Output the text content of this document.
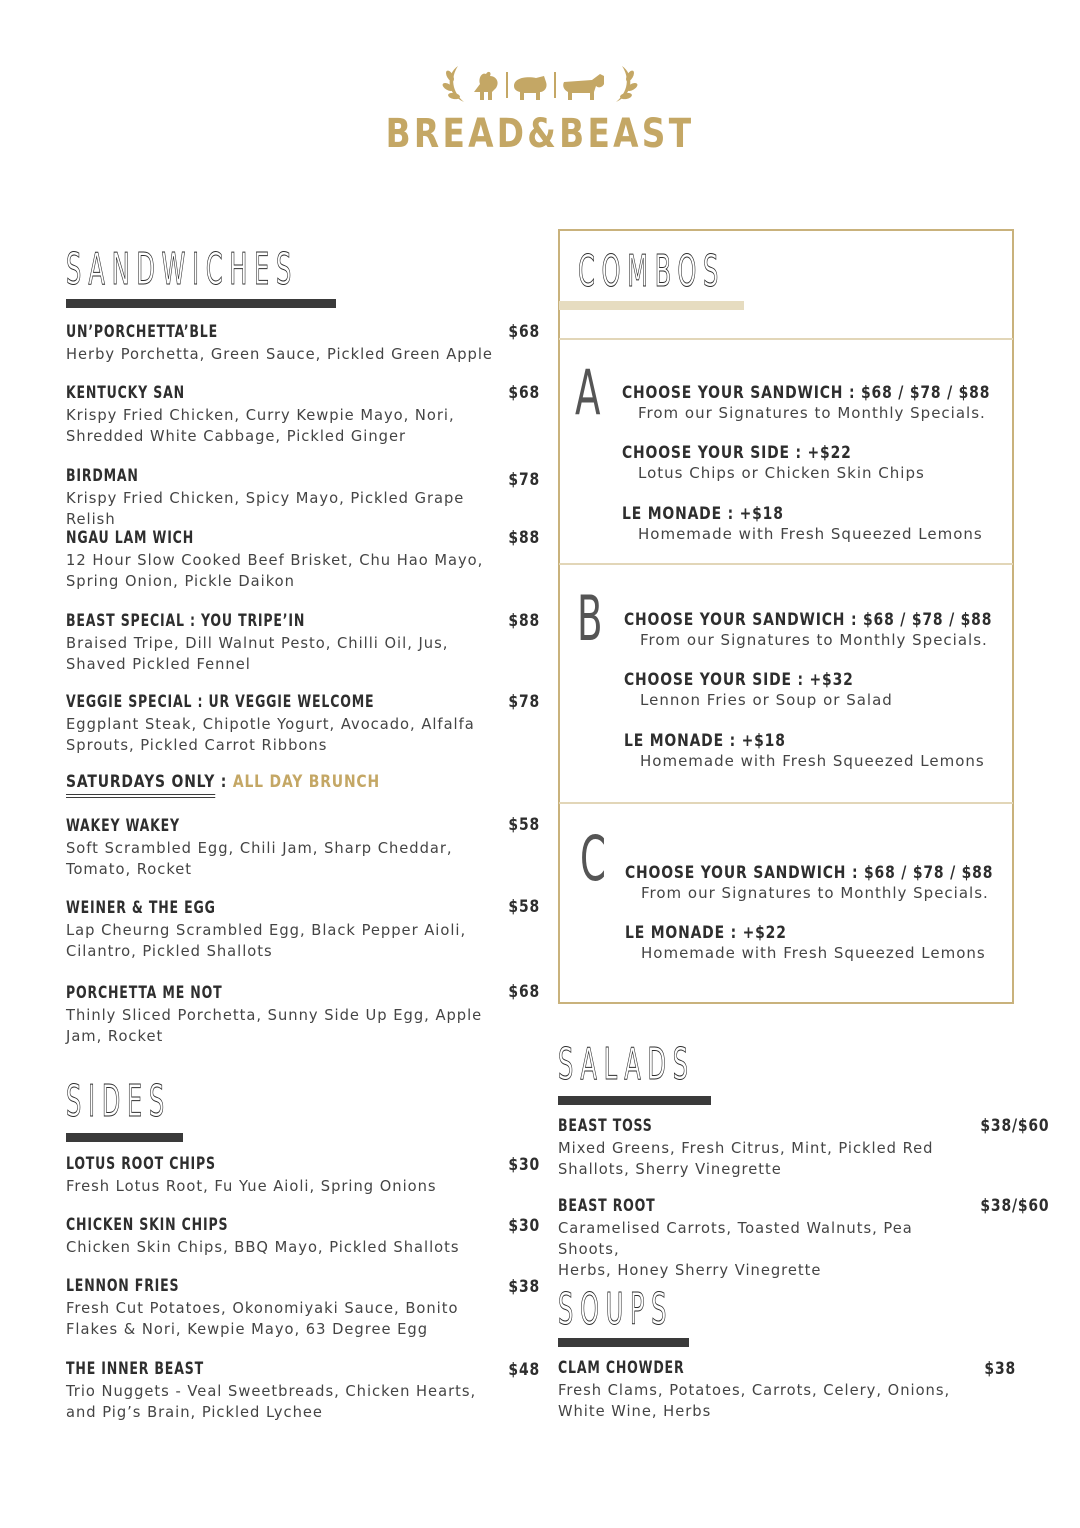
BREAD&BEAST
SANDWICHES
UN’PORCHETTA’BLE
Herby Porchetta, Green Sauce, Pickled Green Apple
$68
KENTUCKY SAN
Krispy Fried Chicken, Curry Kewpie Mayo, Nori,
Shredded White Cabbage, Pickled Ginger
$68
BIRDMAN
Krispy Fried Chicken, Spicy Mayo, Pickled Grape Relish
$78
NGAU LAM WICH
12 Hour Slow Cooked Beef Brisket, Chu Hao Mayo,
Spring Onion, Pickle Daikon
$88
BEAST SPECIAL : YOU TRIPE’IN
Braised Tripe, Dill Walnut Pesto, Chilli Oil, Jus,
Shaved Pickled Fennel
$88
VEGGIE SPECIAL : UR VEGGIE WELCOME
Eggplant Steak, Chipotle Yogurt, Avocado, Alfalfa
Sprouts, Pickled Carrot Ribbons
$78
SATURDAYS ONLY : ALL DAY BRUNCH
WAKEY WAKEY
Soft Scrambled Egg, Chili Jam, Sharp Cheddar,
Tomato, Rocket
$58
WEINER & THE EGG
Lap Cheurng Scrambled Egg, Black Pepper Aioli,
Cilantro, Pickled Shallots
$58
PORCHETTA ME NOT
Thinly Sliced Porchetta, Sunny Side Up Egg, Apple
Jam, Rocket
$68
SIDES
LOTUS ROOT CHIPS
Fresh Lotus Root, Fu Yue Aioli, Spring Onions
$30
CHICKEN SKIN CHIPS
Chicken Skin Chips, BBQ Mayo, Pickled Shallots
$30
LENNON FRIES
Fresh Cut Potatoes, Okonomiyaki Sauce, Bonito
Flakes & Nori, Kewpie Mayo, 63 Degree Egg
$38
THE INNER BEAST
Trio Nuggets - Veal Sweetbreads, Chicken Hearts,
and Pig’s Brain, Pickled Lychee
$48
COMBOS
A CHOOSE YOUR SANDWICH : $68 / $78 / $88
From our Signatures to Monthly Specials.
CHOOSE YOUR SIDE : +$22
Lotus Chips or Chicken Skin Chips
LE MONADE : +$18
Homemade with Fresh Squeezed Lemons
B CHOOSE YOUR SANDWICH : $68 / $78 / $88
From our Signatures to Monthly Specials.
CHOOSE YOUR SIDE : +$32
Lennon Fries or Soup or Salad
LE MONADE : +$18
Homemade with Fresh Squeezed Lemons
C CHOOSE YOUR SANDWICH : $68 / $78 / $88
From our Signatures to Monthly Specials.
LE MONADE : +$22
Homemade with Fresh Squeezed Lemons
SALADS
BEAST TOSS
Mixed Greens, Fresh Citrus, Mint, Pickled Red
Shallots, Sherry Vinegrette
$38/$60
BEAST ROOT
Caramelised Carrots, Toasted Walnuts, Pea Shoots,
Herbs, Honey Sherry Vinegrette
$38/$60
SOUPS
CLAM CHOWDER
Fresh Clams, Potatoes, Carrots, Celery, Onions,
White Wine, Herbs
$38
